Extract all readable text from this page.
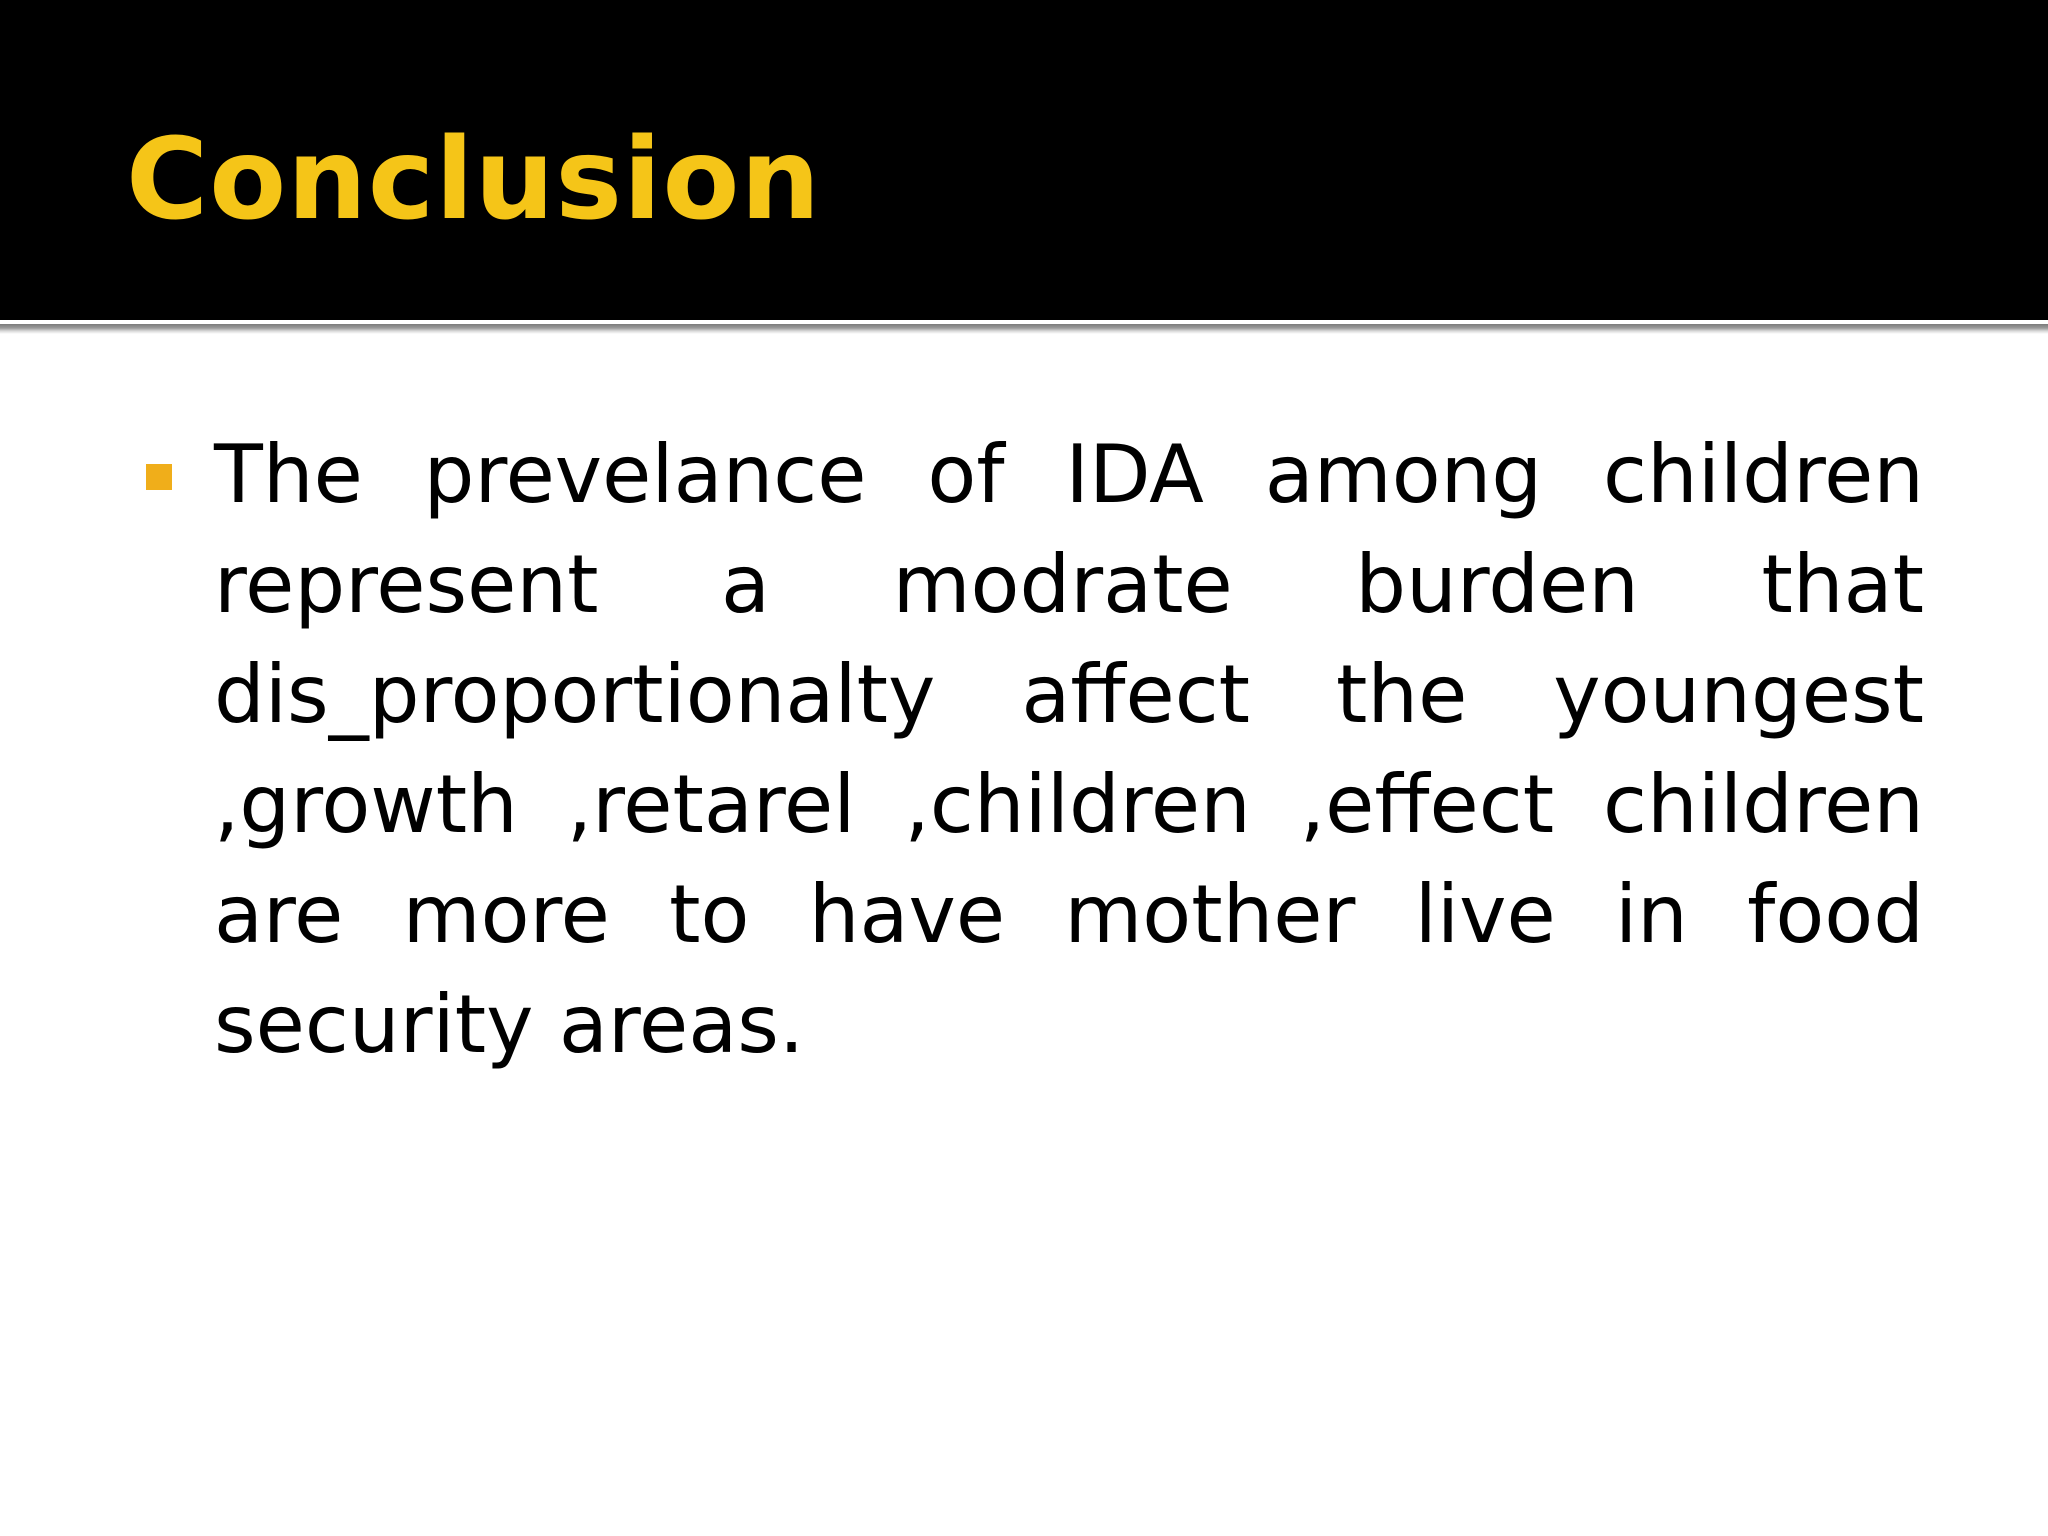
Conclusion

The prevelance of IDA among children represent a modrate burden that dis_proportionalty affect the youngest ,growth ,retarel ,children ,effect children are more to have mother live in food security areas.
